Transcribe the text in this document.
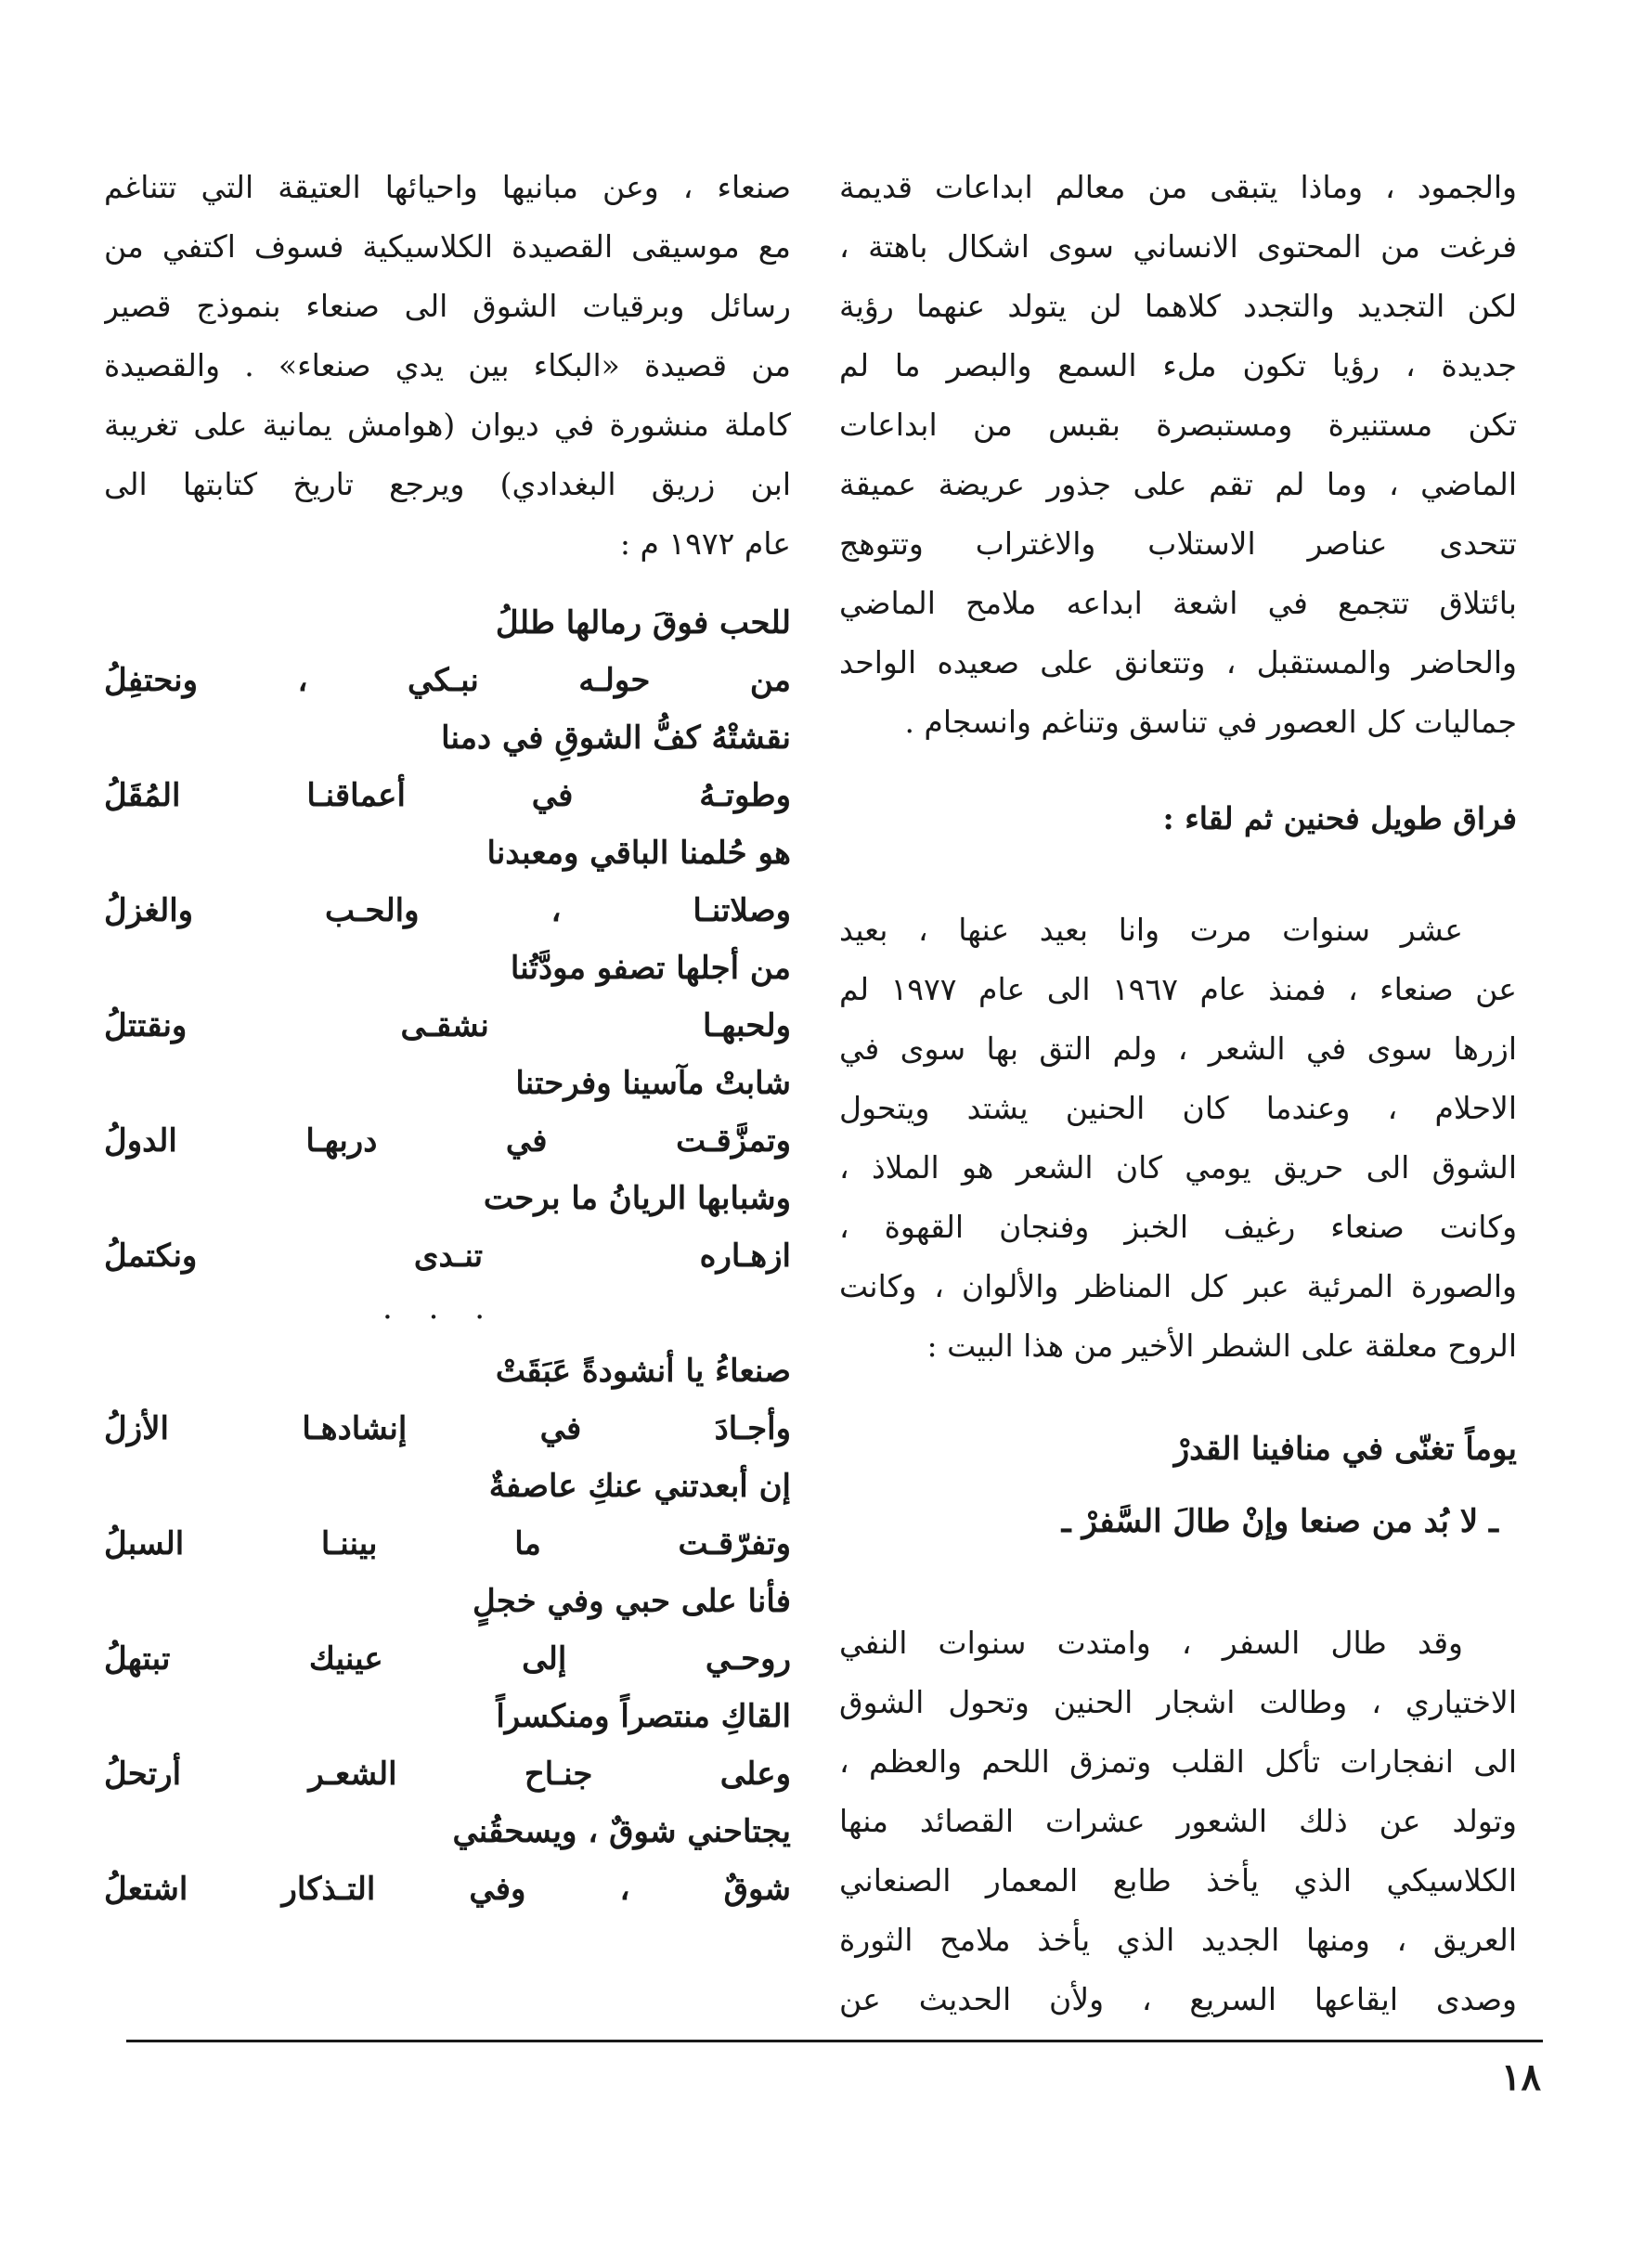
والجمود ، وماذا يتبقى من معالم ابداعات قديمة
فرغت من المحتوى الانساني سوى اشكال باهتة ،
لكن التجديد والتجدد كلاهما لن يتولد عنهما رؤية
جديدة ، رؤيا تكون ملء السمع والبصر ما لم
تكن مستنيرة ومستبصرة بقبس من ابداعات
الماضي ، وما لم تقم على جذور عريضة عميقة
تتحدى عناصر الاستلاب والاغتراب وتتوهج
بائتلاق تتجمع في اشعة ابداعه ملامح الماضي
والحاضر والمستقبل ، وتتعانق على صعيده الواحد
جماليات كل العصور في تناسق وتناغم وانسجام .
فراق طويل فحنين ثم لقاء :
عشر سنوات مرت وانا بعيد عنها ، بعيد
عن صنعاء ، فمنذ عام ١٩٦٧ الى عام ١٩٧٧ لم
ازرها سوى في الشعر ، ولم التق بها سوى في
الاحلام ، وعندما كان الحنين يشتد ويتحول
الشوق الى حريق يومي كان الشعر هو الملاذ ،
وكانت صنعاء رغيف الخبز وفنجان القهوة ،
والصورة المرئية عبر كل المناظر والألوان ، وكانت
الروح معلقة على الشطر الأخير من هذا البيت :
يوماً تغنّى في منافينا القدرْ
ـ لا بُد من صنعا وإنْ طالَ السَّفرْ ـ
وقد طال السفر ، وامتدت سنوات النفي
الاختياري ، وطالت اشجار الحنين وتحول الشوق
الى انفجارات تأكل القلب وتمزق اللحم والعظم ،
وتولد عن ذلك الشعور عشرات القصائد منها
الكلاسيكي الذي يأخذ طابع المعمار الصنعاني
العريق ، ومنها الجديد الذي يأخذ ملامح الثورة
وصدى ايقاعها السريع ، ولأن الحديث عن
صنعاء ، وعن مبانيها واحيائها العتيقة التي تتناغم
مع موسيقى القصيدة الكلاسيكية فسوف اكتفي من
رسائل وبرقيات الشوق الى صنعاء بنموذج قصير
من قصيدة «البكاء بين يدي صنعاء» . والقصيدة
كاملة منشورة في ديوان (هوامش يمانية على تغريبة
ابن زريق البغدادي) ويرجع تاريخ كتابتها الى
عام ١٩٧٢ م :
للحب فوقَ رمالها طللُ
من حولـه نبـكي ، ونحتفِلُ
نقشتْهُ كفُّ الشوقِ في دمنا
وطوتـهُ في أعماقنـا المُقَلُ
هو حُلمنا الباقي ومعبدنا
وصلاتنـا ، والحـب والغزلُ
من أجلها تصفو مودَّتُنا
ولحبهـا نشقـى ونقتتلُ
شابتْ مآسينا وفرحتنا
وتمزَّقـت في دربهـا الدولُ
وشبابها الريانُ ما برحت
ازهـاره تنـدى ونكتملُ
. . .
صنعاءُ يا أنشودةً عَبَقَتْ
وأجـادَ في إنشادهـا الأزلُ
إن أبعدتني عنكِ عاصفةٌ
وتفرّقـت ما بيننـا السبلُ
فأنا على حبي وفي خجلٍ
روحـي إلى عينيك تبتهلُ
القاكِ منتصراً ومنكسراً
وعلى جنـاح الشعـر أرتحلُ
يجتاحني شوقٌ ، ويسحقُني
شوقٌ ، وفي التـذكار اشتعلُ
١٨
